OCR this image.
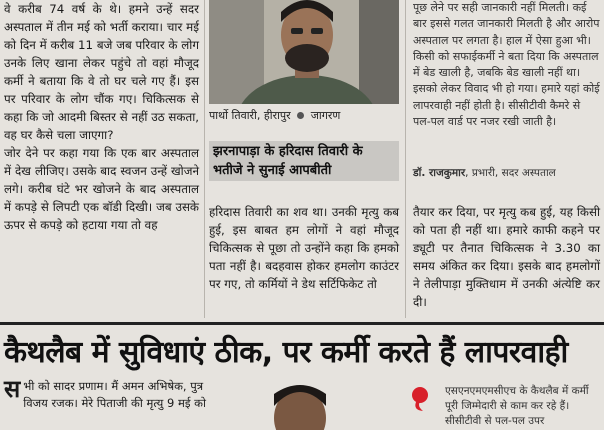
वे करीब 74 वर्ष के थे। हमने उन्हें सदर अस्पताल में तीन मई को भर्ती कराया। चार मई को दिन में करीब 11 बजे जब परिवार के लोग उनके लिए खाना लेकर पहुंचे तो वहां मौजूद कर्मी ने बताया कि वे तो घर चले गए हैं। इस पर परिवार के लोग चौंक गए। चिकित्सक से कहा कि जो आदमी बिस्तर से नहीं उठ सकता, वह घर कैसे चला जाएगा?

जोर देने पर कहा गया कि एक बार अस्पताल में देख लीजिए। उसके बाद स्वजन उन्हें खोजने लगे। करीब घंटे भर खोजने के बाद अस्पताल में कपड़े से लिपटी एक बॉडी दिखी। जब उसके ऊपर से कपड़े को हटाया गया तो वह

पार्थो तिवारी, हीरापुर जागरण
झरनापाड़ा के हरिदास तिवारी के भतीजे ने सुनाई आपबीती

हरिदास तिवारी का शव था। उनकी मृत्यु कब हुई, इस बाबत हम लोगों ने वहां मौजूद चिकित्सक से पूछा तो उन्होंने कहा कि हमको पता नहीं है। बदहवास होकर हमलोग काउंटर पर गए, तो कर्मियों ने डेथ सर्टिफिकेट तो

पूछ लेने पर सही जानकारी नहीं मिलती। कई बार इससे गलत जानकारी मिलती है और आरोप अस्पताल पर लगता है। हाल में ऐसा हुआ भी। किसी को सफाईकर्मी ने बता दिया कि अस्पताल में बेड खाली है, जबकि बेड खाली नहीं था। इसको लेकर विवाद भी हो गया। हमारे यहां कोई लापरवाही नहीं होती है। सीसीटीवी कैमरे से पल-पल वार्ड पर नजर रखी जाती है।

डॉ. राजकुमार, प्रभारी, सदर अस्पताल

तैयार कर दिया, पर मृत्यु कब हुई, यह किसी को पता ही नहीं था। हमारे काफी कहने पर ड्यूटी पर तैनात चिकित्सक ने 3.30 का समय अंकित कर दिया। इसके बाद हमलोगों ने तेलीपाड़ा मुक्तिधाम में उनकी अंत्येष्टि कर दी।

कैथलैब में सुविधाएं ठीक, पर कर्मी करते हैं लापरवाही
स भी को सादर प्रणाम। मैं अमन अभिषेक, पुत्र विजय रजक। मेरे पिताजी की मृत्यु 9 मई को

एसएनएमएमसीएच के कैथलैब में कर्मी पूरी जिम्मेदारी से काम कर रहे हैं। सीसीटीवी से पल-पल उपर
